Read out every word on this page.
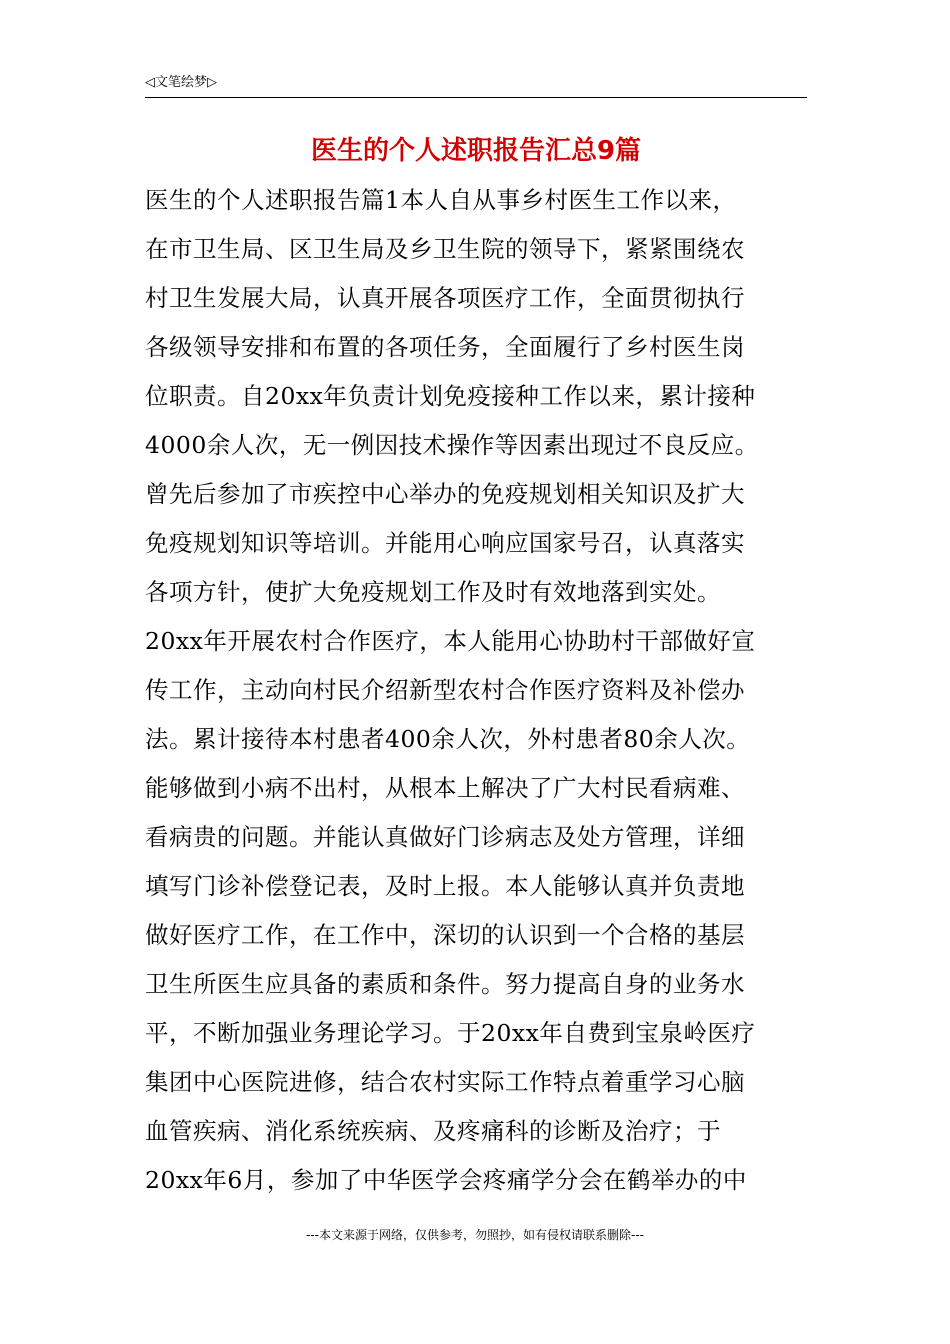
◁文笔绘梦▷
医生的个人述职报告汇总9篇
医生的个人述职报告篇1本人自从事乡村医生工作以来，
在市卫生局、区卫生局及乡卫生院的领导下，紧紧围绕农
村卫生发展大局，认真开展各项医疗工作，全面贯彻执行
各级领导安排和布置的各项任务，全面履行了乡村医生岗
位职责。自20xx年负责计划免疫接种工作以来，累计接种
4000余人次，无一例因技术操作等因素出现过不良反应。
曾先后参加了市疾控中心举办的免疫规划相关知识及扩大
免疫规划知识等培训。并能用心响应国家号召，认真落实
各项方针，使扩大免疫规划工作及时有效地落到实处。
20xx年开展农村合作医疗，本人能用心协助村干部做好宣
传工作，主动向村民介绍新型农村合作医疗资料及补偿办
法。累计接待本村患者400余人次，外村患者80余人次。
能够做到小病不出村，从根本上解决了广大村民看病难、
看病贵的问题。并能认真做好门诊病志及处方管理，详细
填写门诊补偿登记表，及时上报。本人能够认真并负责地
做好医疗工作，在工作中，深切的认识到一个合格的基层
卫生所医生应具备的素质和条件。努力提高自身的业务水
平，不断加强业务理论学习。于20xx年自费到宝泉岭医疗
集团中心医院进修，结合农村实际工作特点着重学习心脑
血管疾病、消化系统疾病、及疼痛科的诊断及治疗；于
20xx年6月，参加了中华医学会疼痛学分会在鹤举办的中
---本文来源于网络，仅供参考，勿照抄，如有侵权请联系删除---
